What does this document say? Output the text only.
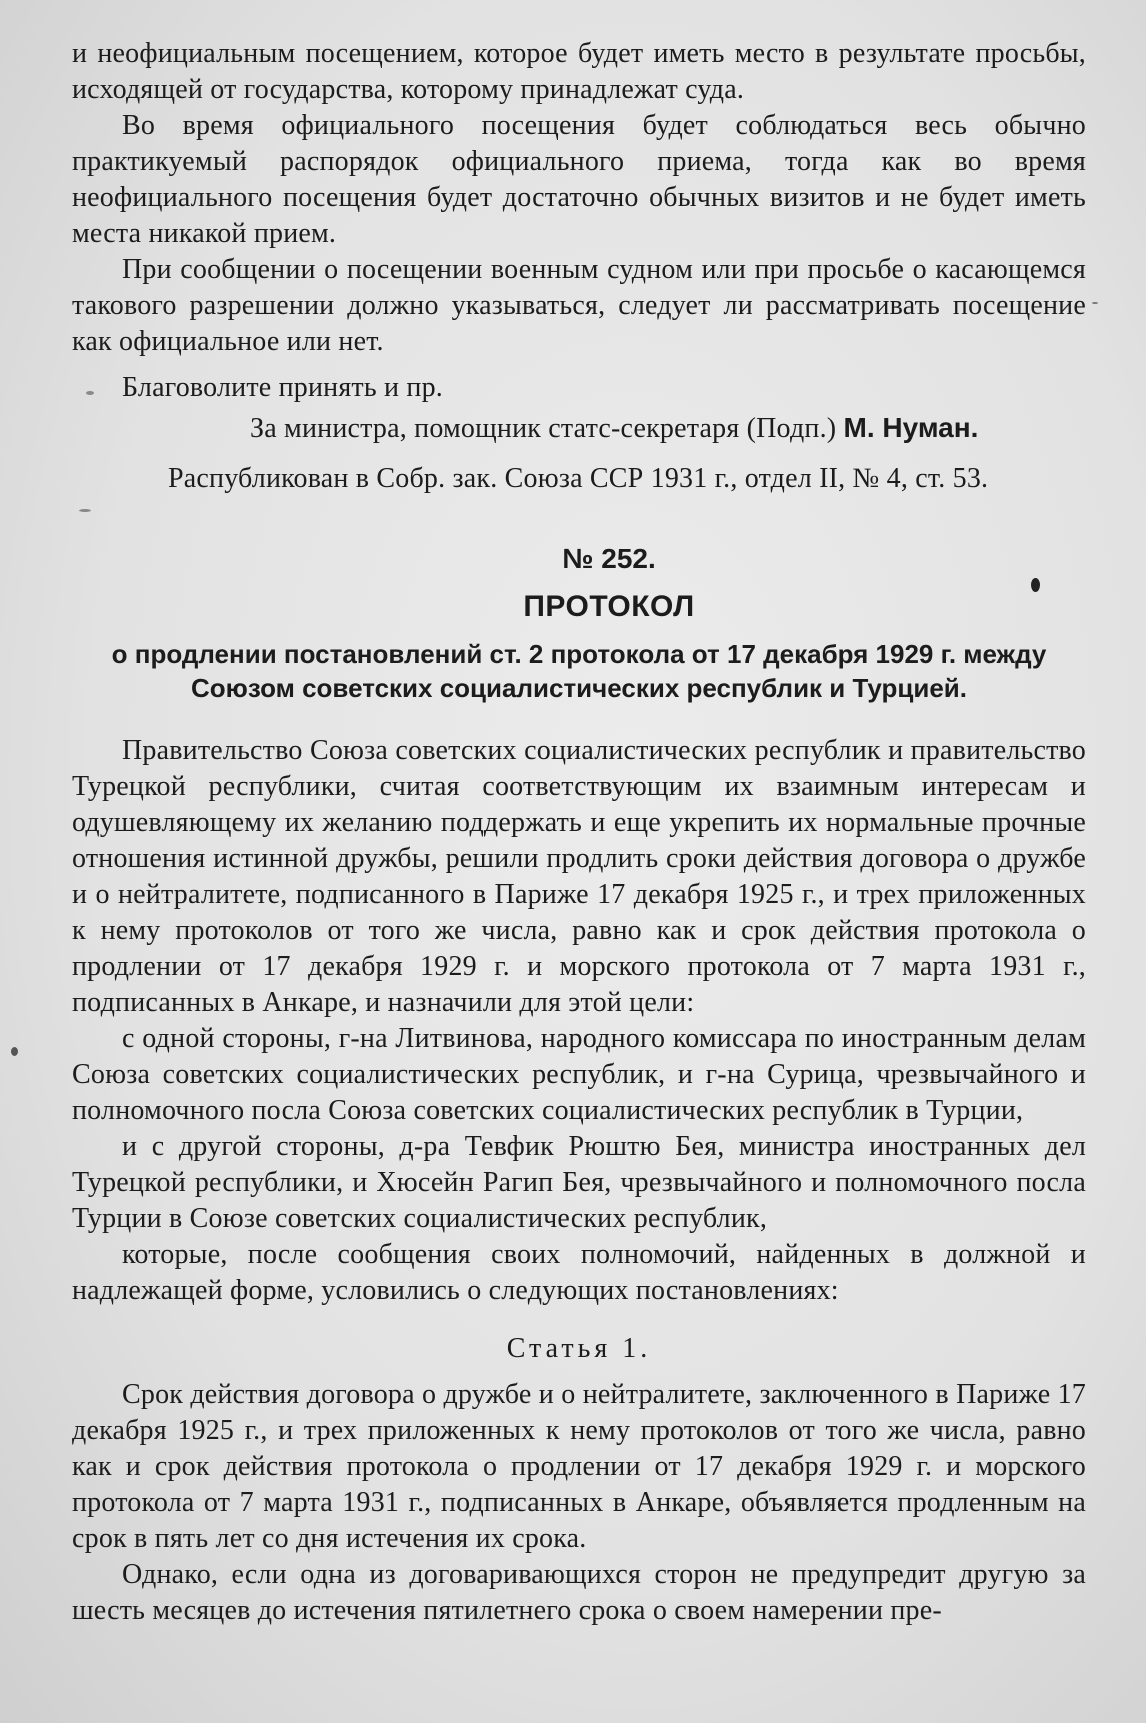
и неофициальным посещением, которое будет иметь место в результате просьбы, исходящей от государства, которому принадлежат суда.

Во время официального посещения будет соблюдаться весь обычно практикуемый распорядок официального приема, тогда как во время неофициального посещения будет достаточно обычных визитов и не будет иметь места никакой прием.

При сообщении о посещении военным судном или при просьбе о касающемся такового разрешении должно указываться, следует ли рассматривать посещение как официальное или нет.

Благоволите принять и пр.

За министра, помощник статс-секретаря (Подп.) М. Нуман.

Распубликован в Собр. зак. Союза ССР 1931 г., отдел II, № 4, ст. 53.

№ 252.
ПРОТОКОЛ
о продлении постановлений ст. 2 протокола от 17 декабря 1929 г. между Союзом советских социалистических республик и Турцией.

Правительство Союза советских социалистических республик и правительство Турецкой республики, считая соответствующим их взаимным интересам и одушевляющему их желанию поддержать и еще укрепить их нормальные прочные отношения истинной дружбы, решили продлить сроки действия договора о дружбе и о нейтралитете, подписанного в Париже 17 декабря 1925 г., и трех приложенных к нему протоколов от того же числа, равно как и срок действия протокола о продлении от 17 декабря 1929 г. и морского протокола от 7 марта 1931 г., подписанных в Анкаре, и назначили для этой цели:

с одной стороны, г-на Литвинова, народного комиссара по иностранным делам Союза советских социалистических республик, и г-на Сурица, чрезвычайного и полномочного посла Союза советских социалистических республик в Турции,

и с другой стороны, д-ра Тевфик Рюштю Бея, министра иностранных дел Турецкой республики, и Хюсейн Рагип Бея, чрезвычайного и полномочного посла Турции в Союзе советских социалистических республик,

которые, после сообщения своих полномочий, найденных в должной и надлежащей форме, условились о следующих постановлениях:

Статья 1.

Срок действия договора о дружбе и о нейтралитете, заключенного в Париже 17 декабря 1925 г., и трех приложенных к нему протоколов от того же числа, равно как и срок действия протокола о продлении от 17 декабря 1929 г. и морского протокола от 7 марта 1931 г., подписанных в Анкаре, объявляется продленным на срок в пять лет со дня истечения их срока.

Однако, если одна из договаривающихся сторон не предупредит другую за шесть месяцев до истечения пятилетнего срока о своем намерении пре-
